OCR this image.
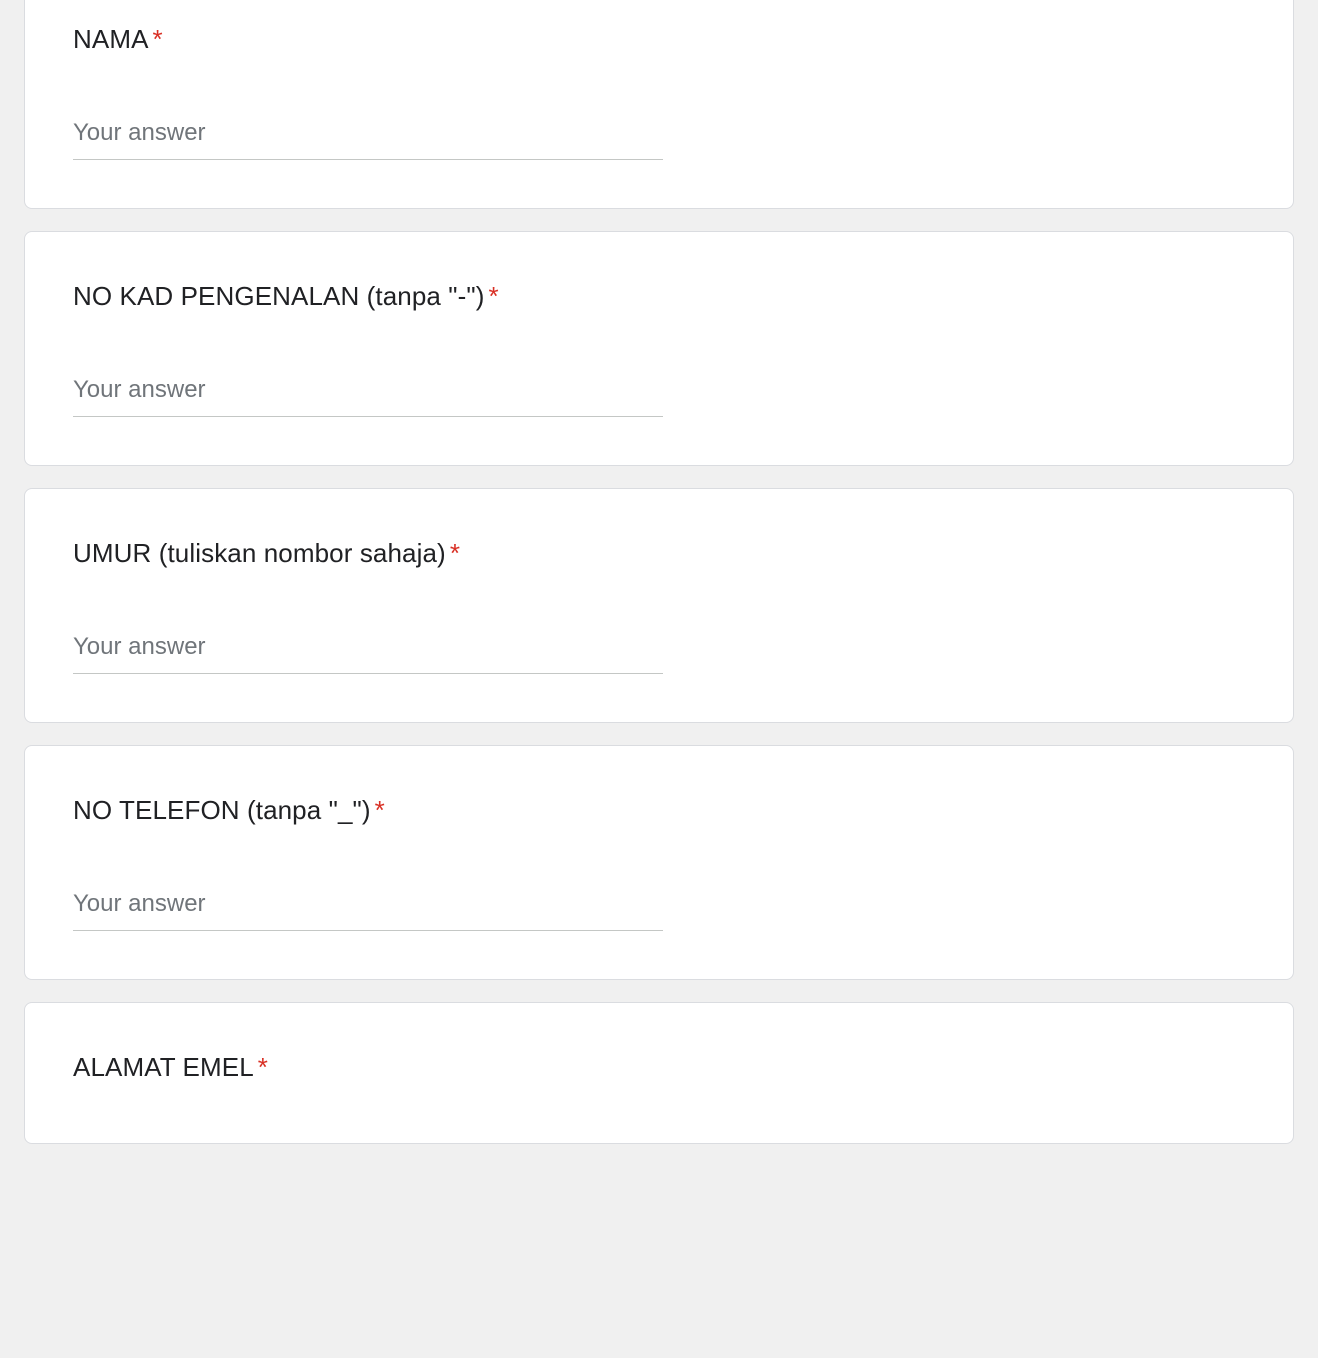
NAMA *
Your answer
NO KAD PENGENALAN (tanpa "-") *
Your answer
UMUR (tuliskan nombor sahaja) *
Your answer
NO TELEFON (tanpa "_") *
Your answer
ALAMAT EMEL *
